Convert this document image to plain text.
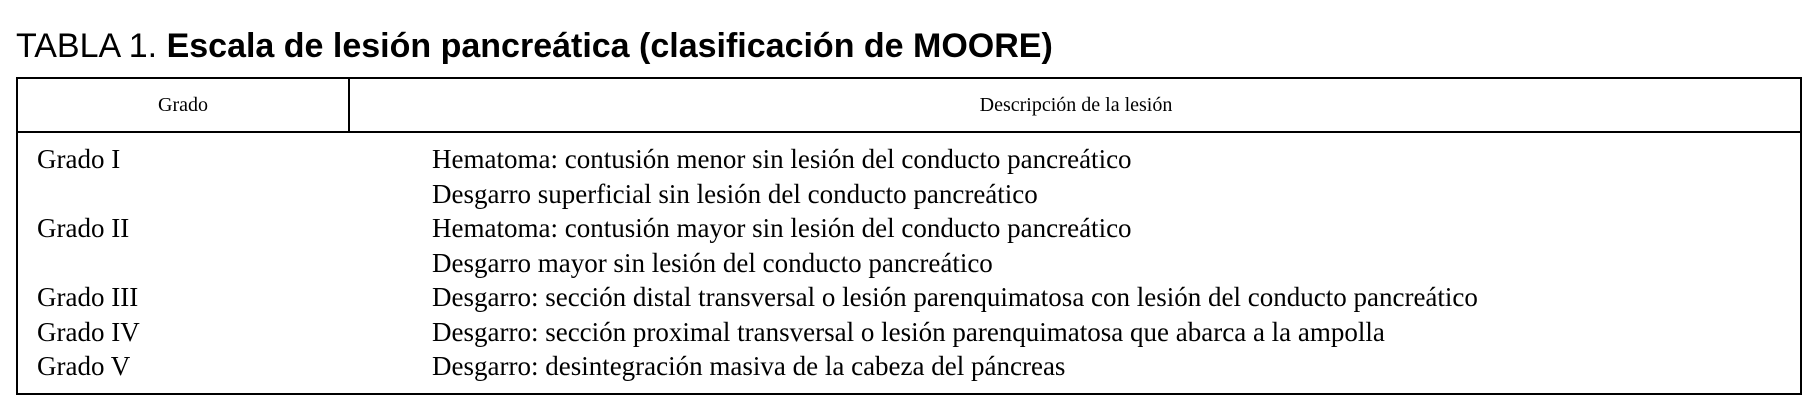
TABLA 1. Escala de lesión pancreática (clasificación de MOORE)
Grado	Descripción de la lesión
Grado I	Hematoma: contusión menor sin lesión del conducto pancreático
Desgarro superficial sin lesión del conducto pancreático
Grado II	Hematoma: contusión mayor sin lesión del conducto pancreático
Desgarro mayor sin lesión del conducto pancreático
Grado III	Desgarro: sección distal transversal o lesión parenquimatosa con lesión del conducto pancreático
Grado IV	Desgarro: sección proximal transversal o lesión parenquimatosa que abarca a la ampolla
Grado V	Desgarro: desintegración masiva de la cabeza del páncreas
